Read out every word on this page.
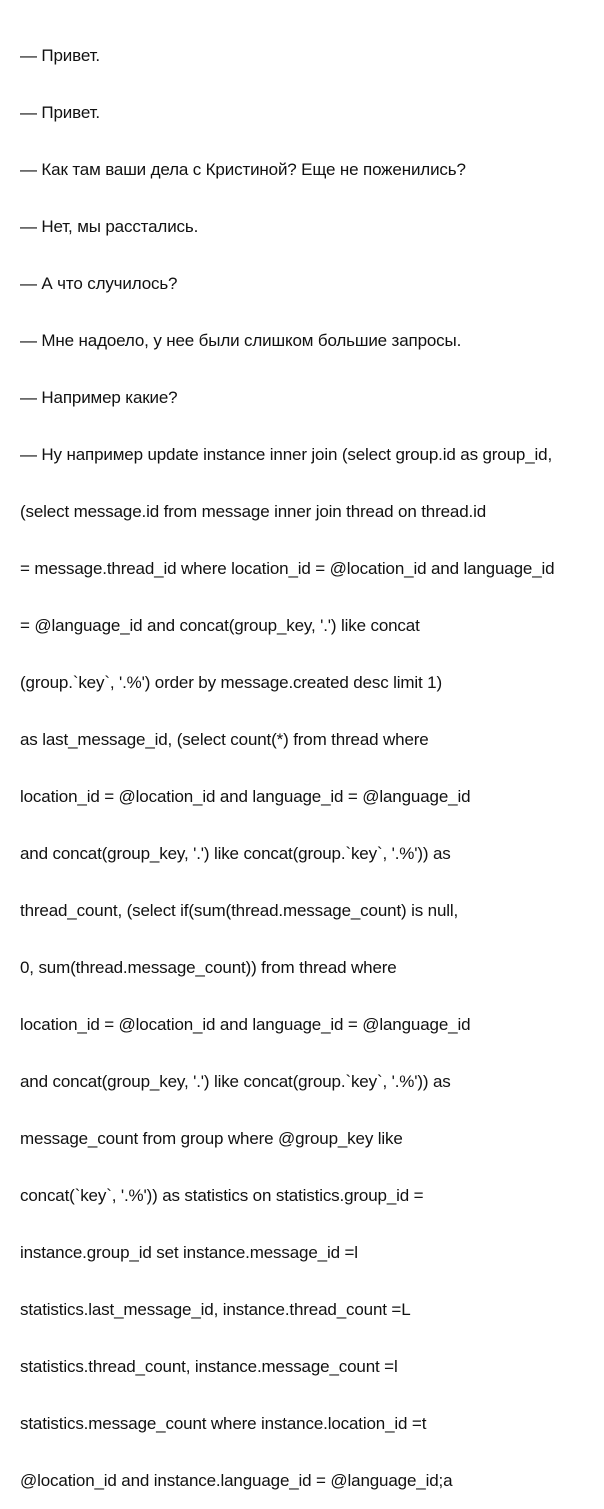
— Привет.

— Привет.

— Как там ваши дела с Кристиной? Еще не поженились?

— Нет, мы расстались.

— А что случилось?

— Мне надоело, у нее были слишком большие запросы.

— Например какие?

— Ну например update instance inner join (select group.id as group_id,

(select message.id from message inner join thread on thread.id

= message.thread_id where location_id = @location_id and language_id

= @language_id and concat(group_key, '.') like concat

(group.`key`, '.%') order by message.created desc limit 1)

as last_message_id, (select count(*) from thread where

location_id = @location_id and language_id = @language_id

and concat(group_key, '.') like concat(group.`key`, '.%')) as

thread_count, (select if(sum(thread.message_count) is null,

0, sum(thread.message_count)) from thread where

location_id = @location_id and language_id = @language_id

and concat(group_key, '.') like concat(group.`key`, '.%')) as

message_count from group where @group_key like

concat(`key`, '.%')) as statistics on statistics.group_id =

instance.group_id set instance.message_id =l

statistics.last_message_id, instance.thread_count =L

statistics.thread_count, instance.message_count =l

statistics.message_count where instance.location_id =t

@location_id and instance.language_id = @language_id;a
